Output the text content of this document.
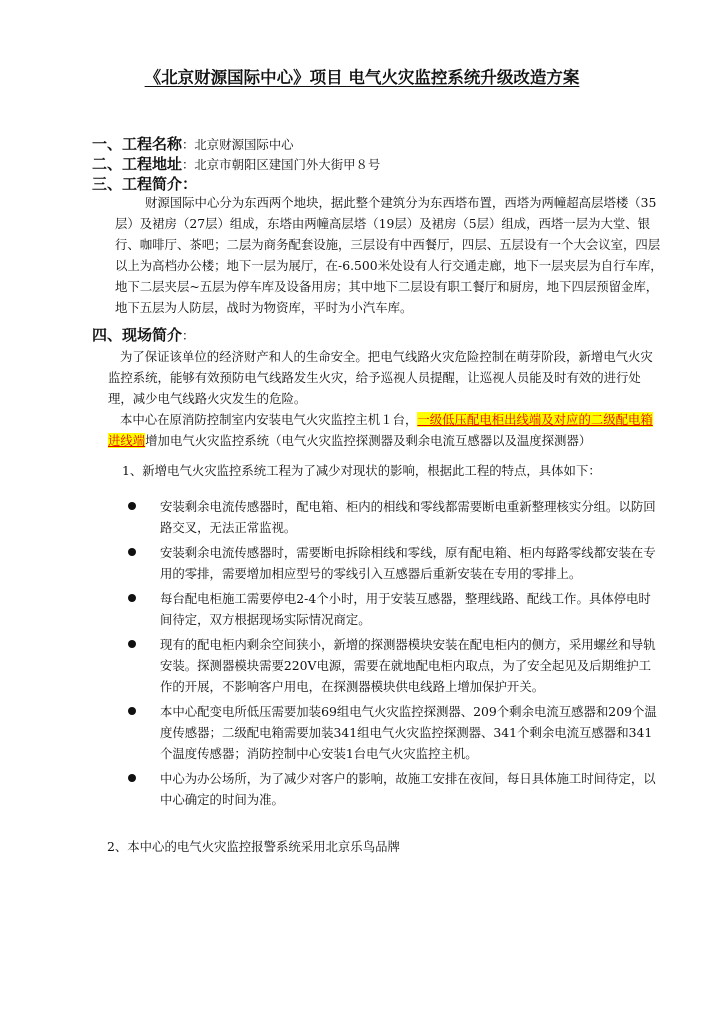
《北京财源国际中心》项目 电气火灾监控系统升级改造方案
一、工程名称：北京财源国际中心
二、工程地址：北京市朝阳区建国门外大街甲８号
三、工程简介：

财源国际中心分为东西两个地块，据此整个建筑分为东西塔布置，西塔为两幢超高层塔楼（35层）及裙房（27层）组成，东塔由两幢高层塔（19层）及裙房（5层）组成，西塔一层为大堂、银行、咖啡厅、茶吧；二层为商务配套设施，三层设有中西餐厅，四层、五层设有一个大会议室，四层以上为高档办公楼；地下一层为展厅，在-6.500米处设有人行交通走廊，地下一层夹层为自行车库，地下二层夹层~五层为停车库及设备用房；其中地下二层设有职工餐厅和厨房，地下四层预留金库，地下五层为人防层，战时为物资库，平时为小汽车库。

四、现场简介：

为了保证该单位的经济财产和人的生命安全。把电气线路火灾危险控制在萌芽阶段，新增电气火灾监控系统，能够有效预防电气线路发生火灾，给予巡视人员提醒，让巡视人员能及时有效的进行处理，减少电气线路火灾发生的危险。

本中心在原消防控制室内安装电气火灾监控主机１台，一级低压配电柜出线端及对应的二级配电箱进线端增加电气火灾监控系统（电气火灾监控探测器及剩余电流互感器以及温度探测器）

1、新增电气火灾监控系统工程为了减少对现状的影响，根据此工程的特点，具体如下：

安装剩余电流传感器时，配电箱、柜内的相线和零线都需要断电重新整理核实分组。以防回路交叉，无法正常监视。
安装剩余电流传感器时，需要断电拆除相线和零线，原有配电箱、柜内每路零线都安装在专用的零排，需要增加相应型号的零线引入互感器后重新安装在专用的零排上。
每台配电柜施工需要停电2-4个小时，用于安装互感器，整理线路、配线工作。具体停电时间待定，双方根据现场实际情况商定。
现有的配电柜内剩余空间狭小，新增的探测器模块安装在配电柜内的侧方，采用螺丝和导轨安装。探测器模块需要220V电源，需要在就地配电柜内取点，为了安全起见及后期维护工作的开展，不影响客户用电，在探测器模块供电线路上增加保护开关。
本中心配变电所低压需要加装69组电气火灾监控探测器、209个剩余电流互感器和209个温度传感器；二级配电箱需要加装341组电气火灾监控探测器、341个剩余电流互感器和341个温度传感器；消防控制中心安装1台电气火灾监控主机。
中心为办公场所，为了减少对客户的影响，故施工安排在夜间，每日具体施工时间待定，以中心确定的时间为准。

2、本中心的电气火灾监控报警系统采用北京乐鸟品牌
